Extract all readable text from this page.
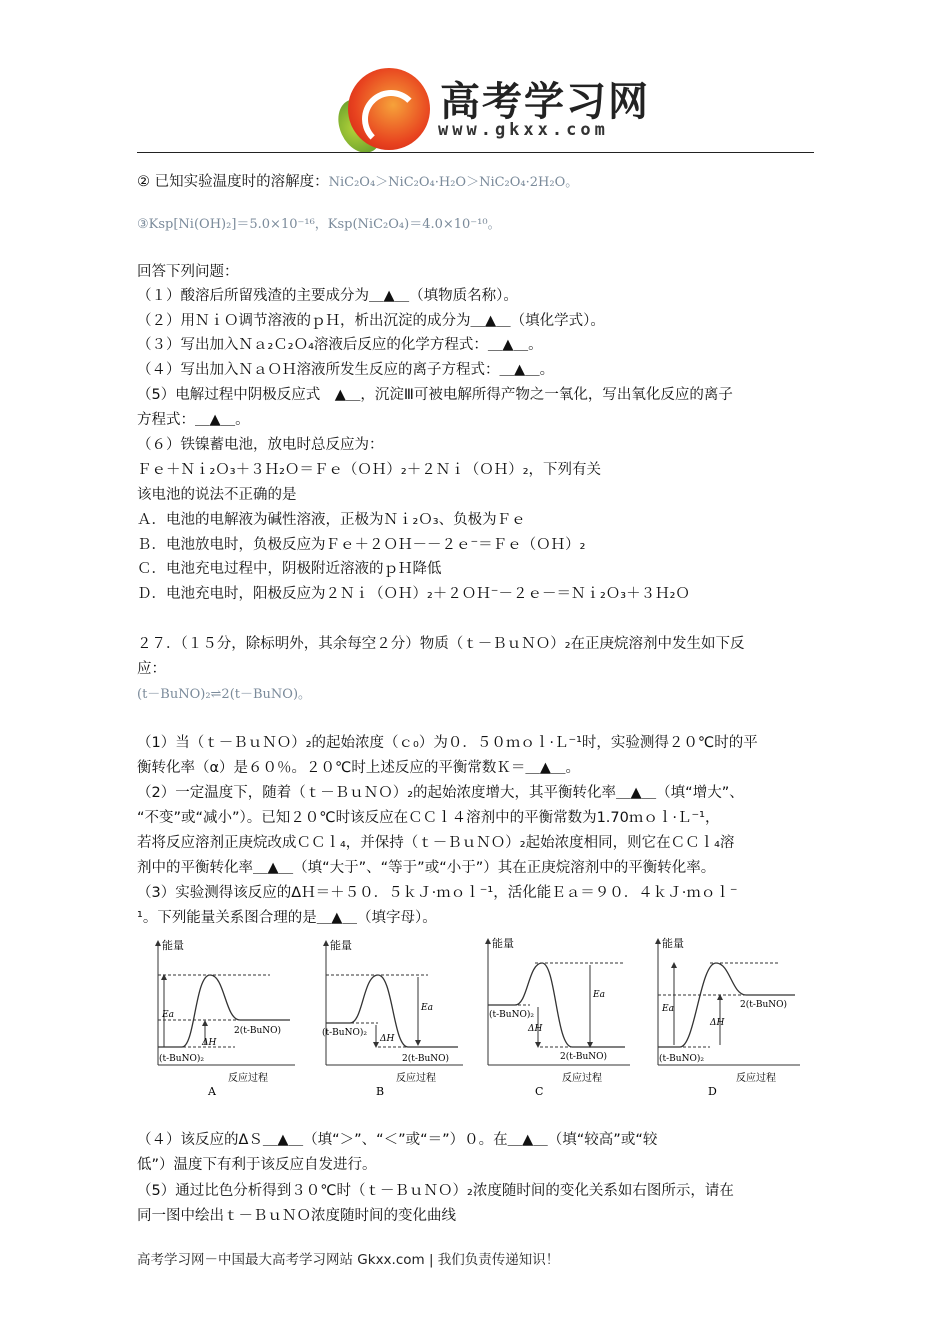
高考学习网
www.gkxx.com
② 已知实验温度时的溶解度：NiC₂O₄＞NiC₂O₄·H₂O＞NiC₂O₄·2H₂O。
③Ksp[Ni(OH)₂]＝5.0×10⁻¹⁶，Ksp(NiC₂O₄)＝4.0×10⁻¹⁰。
回答下列问题：
（１）酸溶后所留残渣的主要成分为＿▲＿（填物质名称）。
（２）用ＮｉＯ调节溶液的ｐＨ，析出沉淀的成分为＿▲＿（填化学式）。
（３）写出加入Ｎａ₂Ｃ₂Ｏ₄溶液后反应的化学方程式：＿▲＿。
（４）写出加入ＮａＯＨ溶液所发生反应的离子方程式：＿▲＿。
（5）电解过程中阴极反应式　▲＿，沉淀Ⅲ可被电解所得产物之一氧化，写出氧化反应的离子
方程式：＿▲＿。
（６）铁镍蓄电池，放电时总反应为：
Ｆｅ＋Ｎｉ₂Ｏ₃＋３Ｈ₂Ｏ＝Ｆｅ（ＯＨ）₂＋２Ｎｉ（ＯＨ）₂，下列有关
该电池的说法不正确的是
Ａ．电池的电解液为碱性溶液，正极为Ｎｉ₂Ｏ₃、负极为Ｆｅ
Ｂ．电池放电时，负极反应为Ｆｅ＋２ＯＨ－－２ｅ⁻＝Ｆｅ（ＯＨ）₂
Ｃ．电池充电过程中，阴极附近溶液的ｐＨ降低
Ｄ．电池充电时，阳极反应为２Ｎｉ（ＯＨ）₂＋２ＯＨ⁻－２ｅ－＝Ｎｉ₂Ｏ₃＋３Ｈ₂Ｏ
２７．（１５分，除标明外，其余每空２分）物质（ｔ－ＢｕＮＯ）₂在正庚烷溶剂中发生如下反
应：
(t－BuNO)₂⇌2(t－BuNO)。
（1）当（ｔ－ＢｕＮＯ）₂的起始浓度（ｃ₀）为０．５０ｍｏｌ·Ｌ⁻¹时，实验测得２０℃时的平
衡转化率（α）是６０％。２０℃时上述反应的平衡常数Ｋ＝＿▲＿。
（2）一定温度下，随着（ｔ－ＢｕＮＯ）₂的起始浓度增大，其平衡转化率＿▲＿（填“增大”、
“不变”或“减小”）。已知２０℃时该反应在ＣＣｌ４溶剂中的平衡常数为1.70ｍｏｌ·Ｌ⁻¹，
若将反应溶剂正庚烷改成ＣＣｌ₄，并保持（ｔ－ＢｕＮＯ）₂起始浓度相同，则它在ＣＣｌ₄溶
剂中的平衡转化率＿▲＿（填“大于”、“等于”或“小于”）其在正庚烷溶剂中的平衡转化率。
（3）实验测得该反应的ΔＨ＝＋５０．５ｋＪ·ｍｏｌ⁻¹，活化能Ｅａ＝９０．４ｋＪ·ｍｏｌ⁻
¹。下列能量关系图合理的是＿▲＿（填字母）。
能量
Ea
ΔH
(t-BuNO)₂
2(t-BuNO)
反应过程
A
能量
Ea
ΔH
(t-BuNO)₂
2(t-BuNO)
反应过程
B
能量
Ea
ΔH
(t-BuNO)₂
2(t-BuNO)
反应过程
C
能量
Ea
ΔH
(t-BuNO)₂
2(t-BuNO)
反应过程
D
（４）该反应的ΔＳ＿▲＿（填“＞”、“＜”或“＝”）０。在＿▲＿（填“较高”或“较
低”）温度下有利于该反应自发进行。
（5）通过比色分析得到３０℃时（ｔ－ＢｕＮＯ）₂浓度随时间的变化关系如右图所示，请在
同一图中绘出ｔ－ＢｕＮＯ浓度随时间的变化曲线
高考学习网－中国最大高考学习网站 Gkxx.com | 我们负责传递知识！
